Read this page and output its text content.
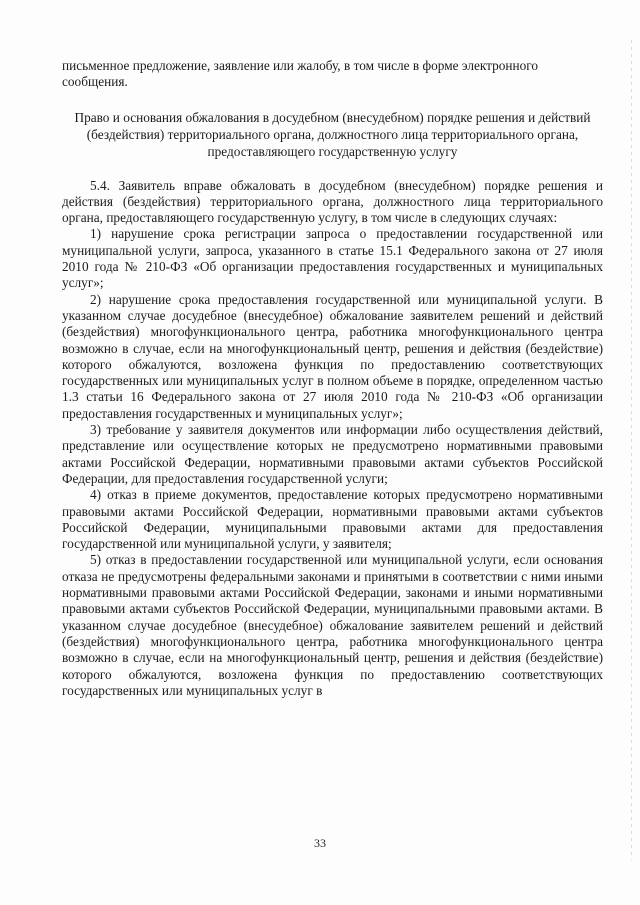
письменное предложение, заявление или жалобу, в том числе в форме электронного сообщения.

Право и основания обжалования в досудебном (внесудебном) порядке решения и действий (бездействия) территориального органа, должностного лица территориального органа, предоставляющего государственную услугу

5.4. Заявитель вправе обжаловать в досудебном (внесудебном) порядке решения и действия (бездействия) территориального органа, должностного лица территориального органа, предоставляющего государственную услугу, в том числе в следующих случаях:

1) нарушение срока регистрации запроса о предоставлении государственной или муниципальной услуги, запроса, указанного в статье 15.1 Федерального закона от 27 июля 2010 года № 210-ФЗ «Об организации предоставления государственных и муниципальных услуг»;

2) нарушение срока предоставления государственной или муниципальной услуги. В указанном случае досудебное (внесудебное) обжалование заявителем решений и действий (бездействия) многофункционального центра, работника многофункционального центра возможно в случае, если на многофункциональный центр, решения и действия (бездействие) которого обжалуются, возложена функция по предоставлению соответствующих государственных или муниципальных услуг в полном объеме в порядке, определенном частью 1.3 статьи 16 Федерального закона от 27 июля 2010 года № 210-ФЗ «Об организации предоставления государственных и муниципальных услуг»;

3) требование у заявителя документов или информации либо осуществления действий, представление или осуществление которых не предусмотрено нормативными правовыми актами Российской Федерации, нормативными правовыми актами субъектов Российской Федерации, для предоставления государственной услуги;

4) отказ в приеме документов, предоставление которых предусмотрено нормативными правовыми актами Российской Федерации, нормативными правовыми актами субъектов Российской Федерации, муниципальными правовыми актами для предоставления государственной или муниципальной услуги, у заявителя;

5) отказ в предоставлении государственной или муниципальной услуги, если основания отказа не предусмотрены федеральными законами и принятыми в соответствии с ними иными нормативными правовыми актами Российской Федерации, законами и иными нормативными правовыми актами субъектов Российской Федерации, муниципальными правовыми актами. В указанном случае досудебное (внесудебное) обжалование заявителем решений и действий (бездействия) многофункционального центра, работника многофункционального центра возможно в случае, если на многофункциональный центр, решения и действия (бездействие) которого обжалуются, возложена функция по предоставлению соответствующих государственных или муниципальных услуг в

33
